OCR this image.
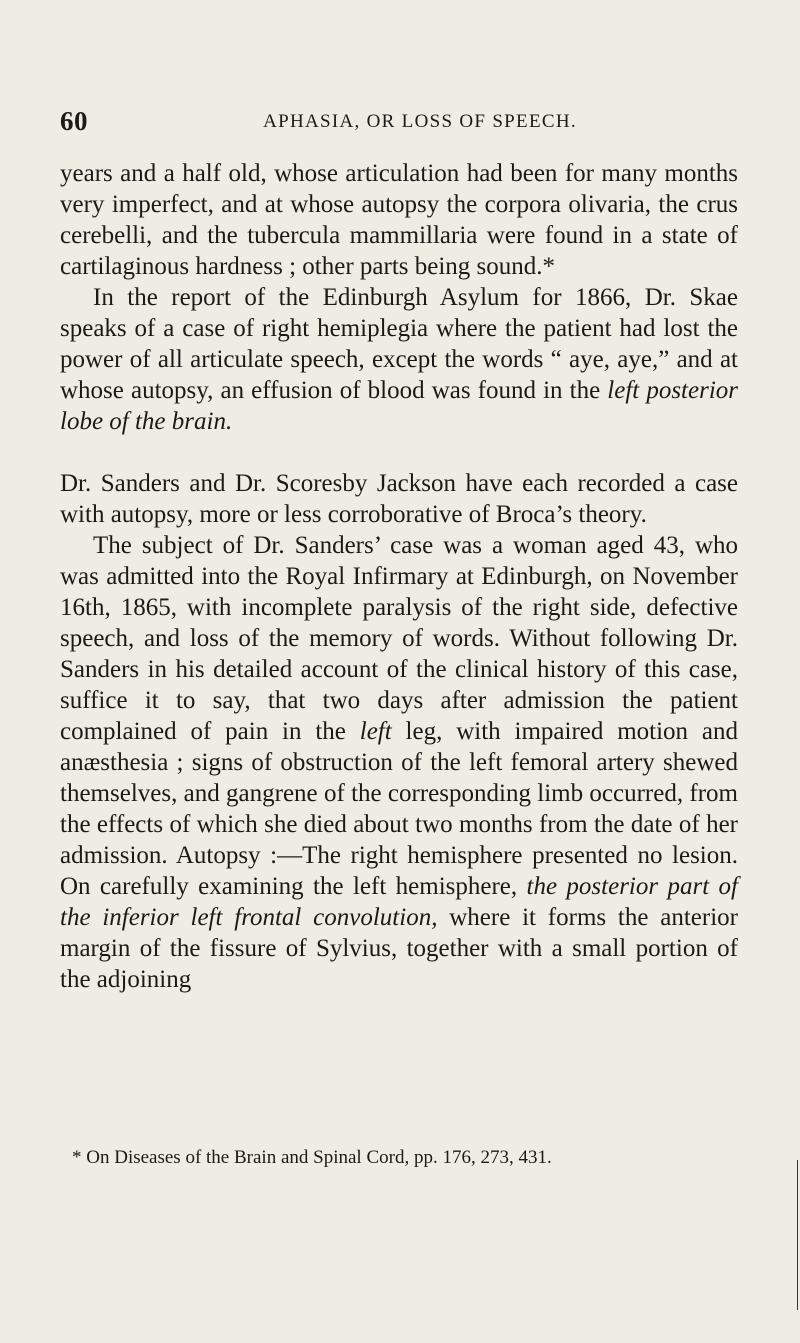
60	APHASIA, OR LOSS OF SPEECH.

years and a half old, whose articulation had been for many months very imperfect, and at whose autopsy the corpora olivaria, the crus cerebelli, and the tubercula mammillaria were found in a state of cartilaginous hardness ; other parts being sound.*

In the report of the Edinburgh Asylum for 1866, Dr. Skae speaks of a case of right hemiplegia where the patient had lost the power of all articulate speech, except the words “ aye, aye,” and at whose autopsy, an effusion of blood was found in the left posterior lobe of the brain.

Dr. Sanders and Dr. Scoresby Jackson have each recorded a case with autopsy, more or less corroborative of Broca’s theory.

The subject of Dr. Sanders’ case was a woman aged 43, who was admitted into the Royal Infirmary at Edinburgh, on November 16th, 1865, with incomplete paralysis of the right side, defective speech, and loss of the memory of words. Without following Dr. Sanders in his detailed account of the clinical history of this case, suffice it to say, that two days after admission the patient complained of pain in the left leg, with impaired motion and anæsthesia ; signs of obstruction of the left femoral artery shewed themselves, and gangrene of the corresponding limb occurred, from the effects of which she died about two months from the date of her admission. Autopsy :—The right hemisphere presented no lesion. On carefully examining the left hemisphere, the posterior part of the inferior left frontal convolution, where it forms the anterior margin of the fissure of Sylvius, together with a small portion of the adjoining

* On Diseases of the Brain and Spinal Cord, pp. 176, 273, 431.
